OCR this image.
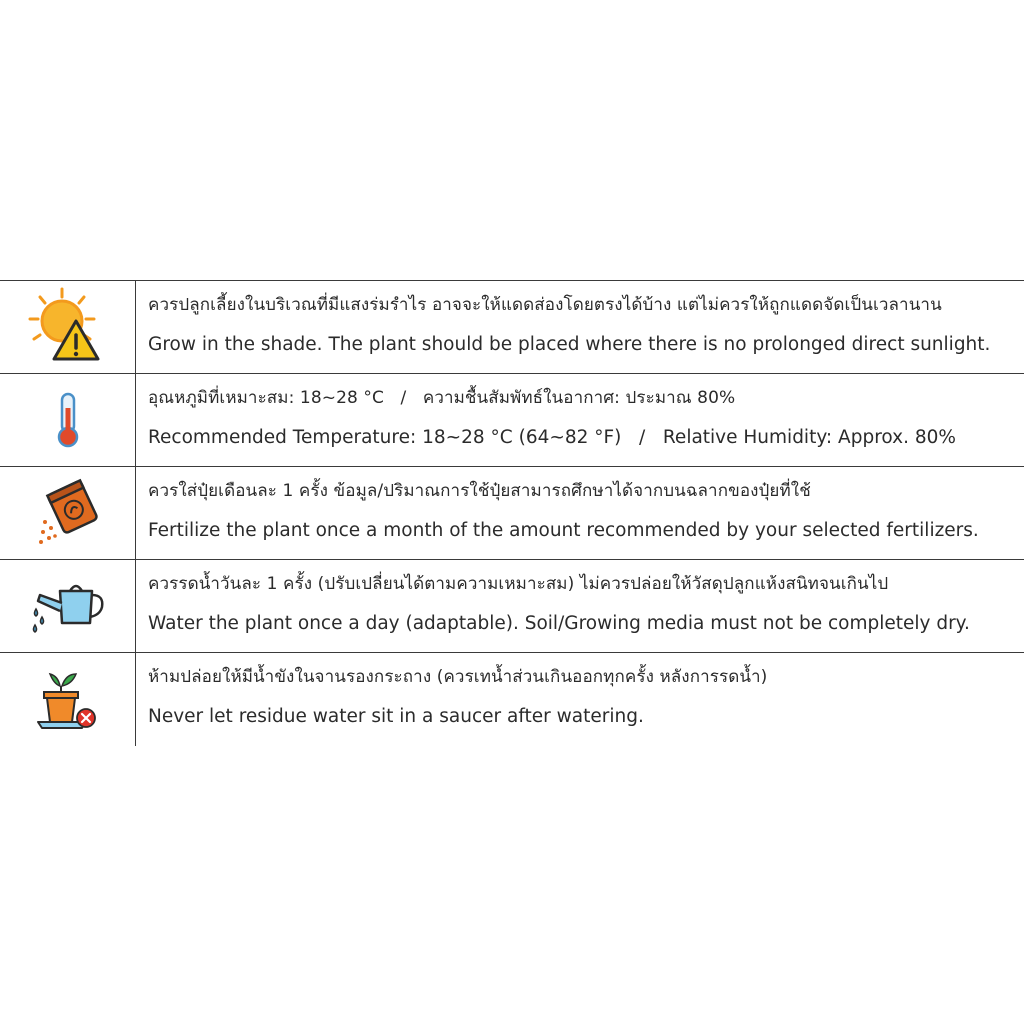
ควรปลูกเลี้ยงในบริเวณที่มีแสงร่มรำไร อาจจะให้แดดส่องโดยตรงได้บ้าง แต่ไม่ควรให้ถูกแดดจัดเป็นเวลานาน
Grow in the shade. The plant should be placed where there is no prolonged direct sunlight.
อุณหภูมิที่เหมาะสม: 18~28 °C   /   ความชื้นสัมพัทธ์ในอากาศ: ประมาณ 80%
Recommended Temperature: 18~28 °C (64~82 °F)   /   Relative Humidity: Approx. 80%
ควรใส่ปุ๋ยเดือนละ 1 ครั้ง ข้อมูล/ปริมาณการใช้ปุ๋ยสามารถศึกษาได้จากบนฉลากของปุ๋ยที่ใช้
Fertilize the plant once a month of the amount recommended by your selected fertilizers.
ควรรดน้ำวันละ 1 ครั้ง (ปรับเปลี่ยนได้ตามความเหมาะสม) ไม่ควรปล่อยให้วัสดุปลูกแห้งสนิทจนเกินไป
Water the plant once a day (adaptable). Soil/Growing media must not be completely dry.
ห้ามปล่อยให้มีน้ำขังในจานรองกระถาง (ควรเทน้ำส่วนเกินออกทุกครั้ง หลังการรดน้ำ)
Never let residue water sit in a saucer after watering.
